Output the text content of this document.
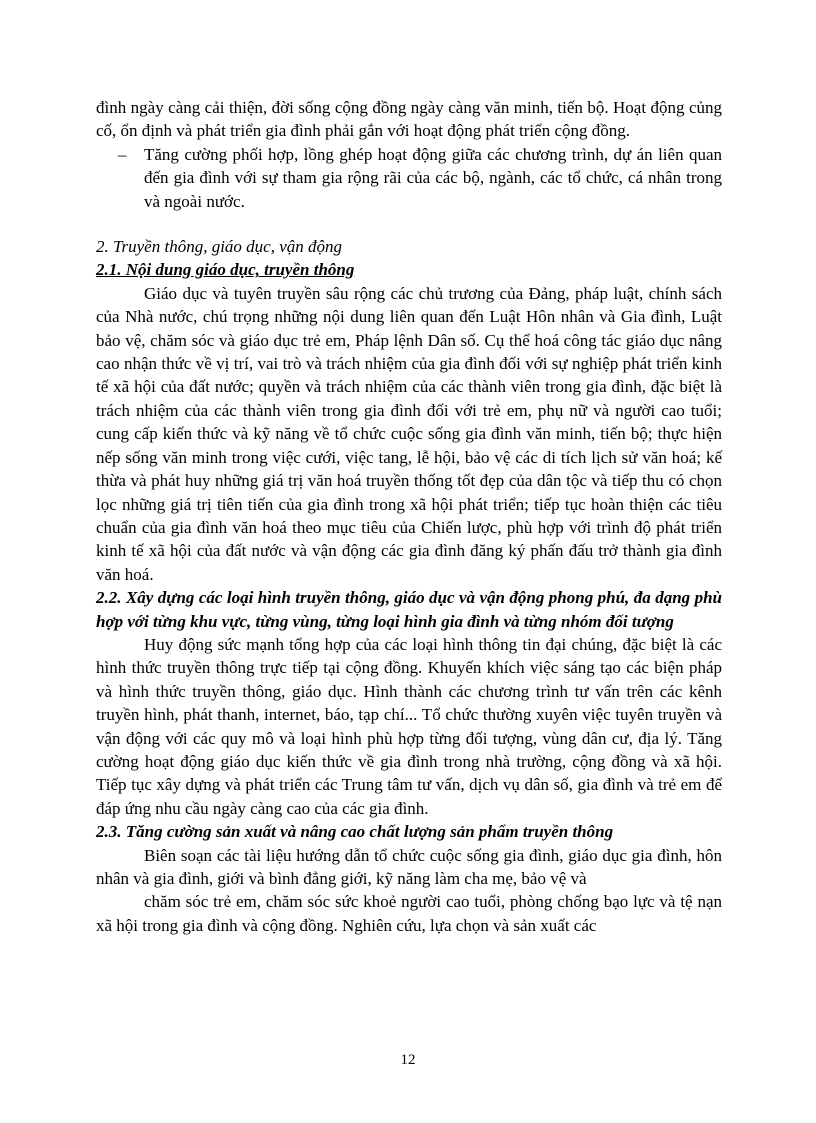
đình ngày càng cải thiện, đời sống cộng đồng ngày càng văn minh, tiến bộ. Hoạt động củng cố, ổn định và phát triển gia đình phải gắn với hoạt động phát triển cộng đồng.

– Tăng cường phối hợp, lồng ghép hoạt động giữa các chương trình, dự án liên quan đến gia đình với sự tham gia rộng rãi của các bộ, ngành, các tổ chức, cá nhân trong và ngoài nước.
2. Truyền thông, giáo dục, vận động
2.1. Nội dung giáo dục, truyền thông

Giáo dục và tuyên truyền sâu rộng các chủ trương của Đảng, pháp luật, chính sách của Nhà nước, chú trọng những nội dung liên quan đến Luật Hôn nhân và Gia đình, Luật bảo vệ, chăm sóc và giáo dục trẻ em, Pháp lệnh Dân số. Cụ thể hoá công tác giáo dục nâng cao nhận thức về vị trí, vai trò và trách nhiệm của gia đình đối với sự nghiệp phát triển kinh tế xã hội của đất nước; quyền và trách nhiệm của các thành viên trong gia đình, đặc biệt là trách nhiệm của các thành viên trong gia đình đối với trẻ em, phụ nữ và người cao tuổi; cung cấp kiến thức và kỹ năng về tổ chức cuộc sống gia đình văn minh, tiến bộ; thực hiện nếp sống văn minh trong việc cưới, việc tang, lễ hội, bảo vệ các di tích lịch sử văn hoá; kế thừa và phát huy những giá trị văn hoá truyền thống tốt đẹp của dân tộc và tiếp thu có chọn lọc những giá trị tiên tiến của gia đình trong xã hội phát triển; tiếp tục hoàn thiện các tiêu chuẩn của gia đình văn hoá theo mục tiêu của Chiến lược, phù hợp với trình độ phát triển kinh tế xã hội của đất nước và vận động các gia đình đăng ký phấn đấu trở thành gia đình văn hoá.

2.2. Xây dựng các loại hình truyền thông, giáo dục và vận động phong phú, đa dạng phù hợp với từng khu vực, từng vùng, từng loại hình gia đình và từng nhóm đối tượng

Huy động sức mạnh tổng hợp của các loại hình thông tin đại chúng, đặc biệt là các hình thức truyền thông trực tiếp tại cộng đồng. Khuyến khích việc sáng tạo các biện pháp và hình thức truyền thông, giáo dục. Hình thành các chương trình tư vấn trên các kênh truyền hình, phát thanh, internet, báo, tạp chí... Tổ chức thường xuyên việc tuyên truyền và vận động với các quy mô và loại hình phù hợp từng đối tượng, vùng dân cư, địa lý. Tăng cường hoạt động giáo dục kiến thức về gia đình trong nhà trường, cộng đồng và xã hội. Tiếp tục xây dựng và phát triển các Trung tâm tư vấn, dịch vụ dân số, gia đình và trẻ em để đáp ứng nhu cầu ngày càng cao của các gia đình.

2.3. Tăng cường sản xuất và nâng cao chất lượng sản phẩm truyền thông

Biên soạn các tài liệu hướng dẫn tổ chức cuộc sống gia đình, giáo dục gia đình, hôn nhân và gia đình, giới và bình đẳng giới, kỹ năng làm cha mẹ, bảo vệ và

chăm sóc trẻ em, chăm sóc sức khoẻ người cao tuổi, phòng chống bạo lực và tệ nạn xã hội trong gia đình và cộng đồng. Nghiên cứu, lựa chọn và sản xuất các

12
